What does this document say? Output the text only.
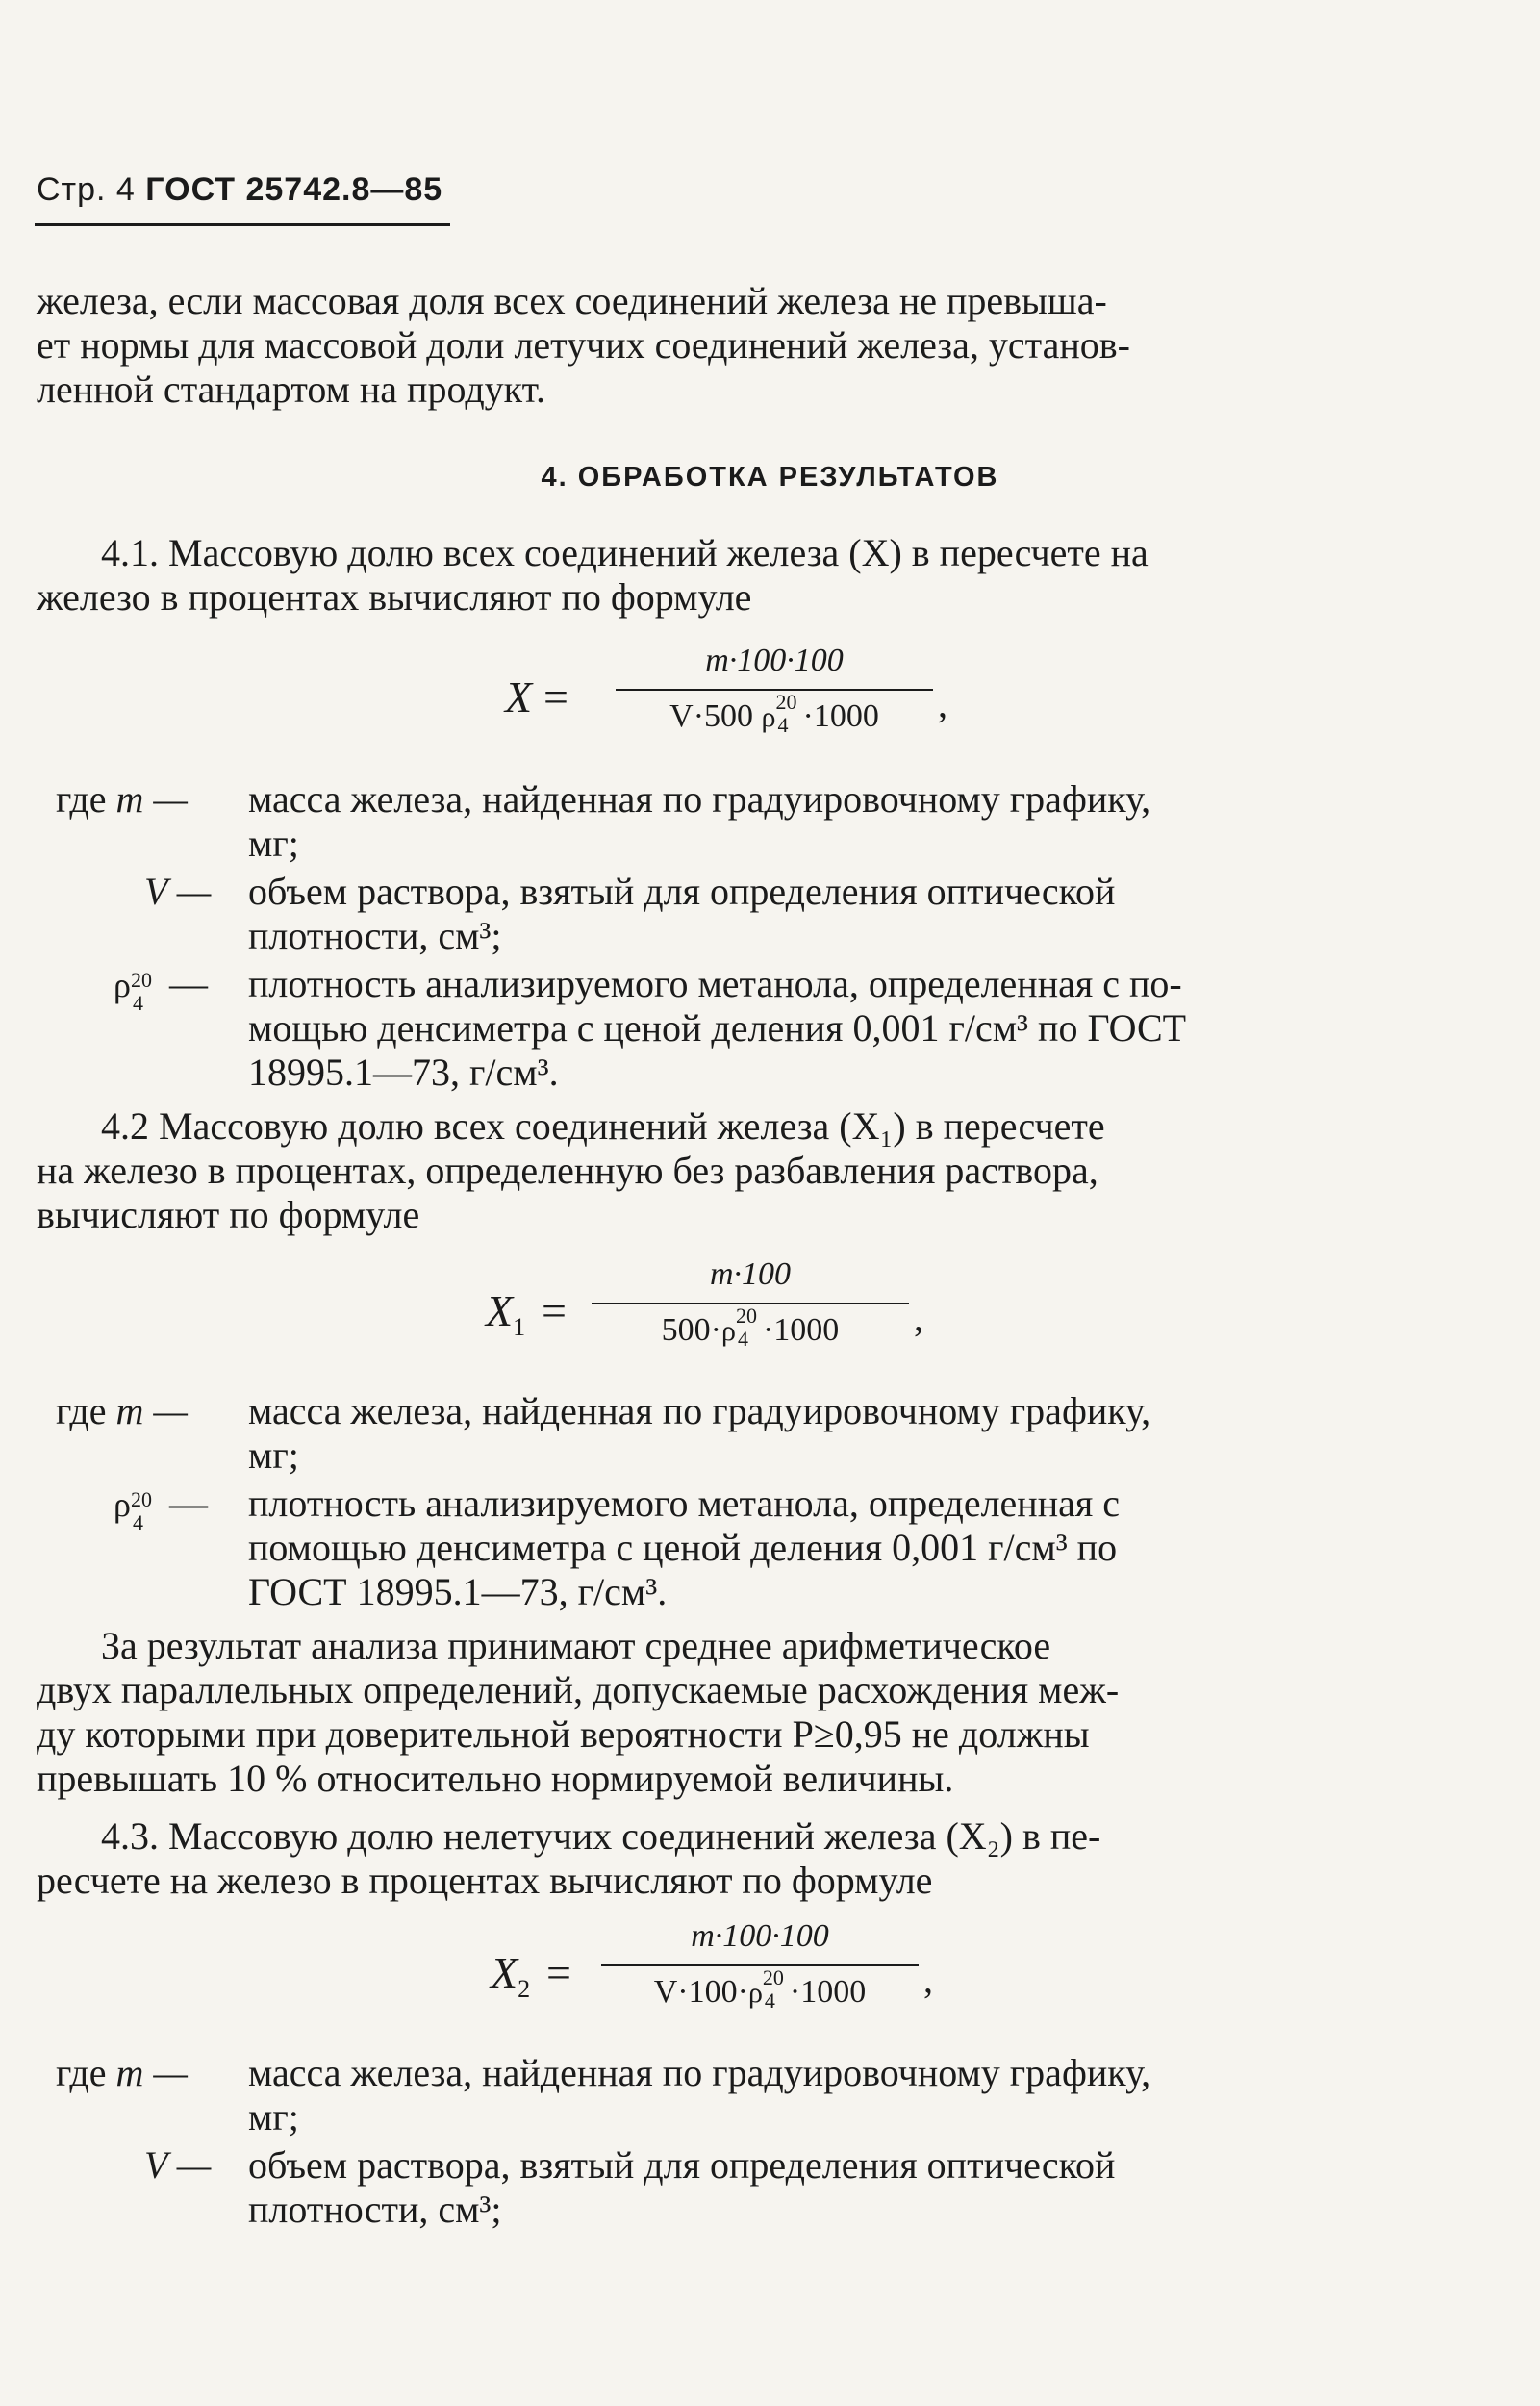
Стр. 4 ГОСТ 25742.8—85
железа, если массовая доля всех соединений железа не превыша-
ет нормы для массовой доли летучих соединений железа, установ-
ленной стандартом на продукт.
4. ОБРАБОТКА РЕЗУЛЬТАТОВ
4.1. Массовую долю всех соединений железа (X) в пересчете на
железо в процентах вычисляют по формуле
X =
m·100·100
V·500 ρ 20
4 ·1000	,
где m — масса железа, найденная по градуировочному графику,
мг;
V — объем раствора, взятый для определения оптической
плотности, см³;
ρ 20
4 — плотность анализируемого метанола, определенная с по-
мощью денсиметра с ценой деления 0,001 г/см³ по ГОСТ
18995.1—73, г/см³.
4.2 Массовую долю всех соединений железа (X₁) в пересчете
на железо в процентах, определенную без разбавления раствора,
вычисляют по формуле
$X_1$ =
m·100
500·ρ 20
4 ·1000	,
где m — масса железа, найденная по градуировочному графику,
мг;
ρ 20
4 — плотность анализируемого метанола, определенная с
помощью денсиметра с ценой деления 0,001 г/см³ по
ГОСТ 18995.1—73, г/см³.
За результат анализа принимают среднее арифметическое
двух параллельных определений, допускаемые расхождения меж-
ду которыми при доверительной вероятности P≥0,95 не должны
превышать 10 % относительно нормируемой величины.
4.3. Массовую долю нелетучих соединений железа (X₂) в пе-
ресчете на железо в процентах вычисляют по формуле
$X_2$ =
m·100·100
V·100·ρ 20
4 ·1000	,
где m — масса железа, найденная по градуировочному графику,
мг;
V — объем раствора, взятый для определения оптической
плотности, см³;
